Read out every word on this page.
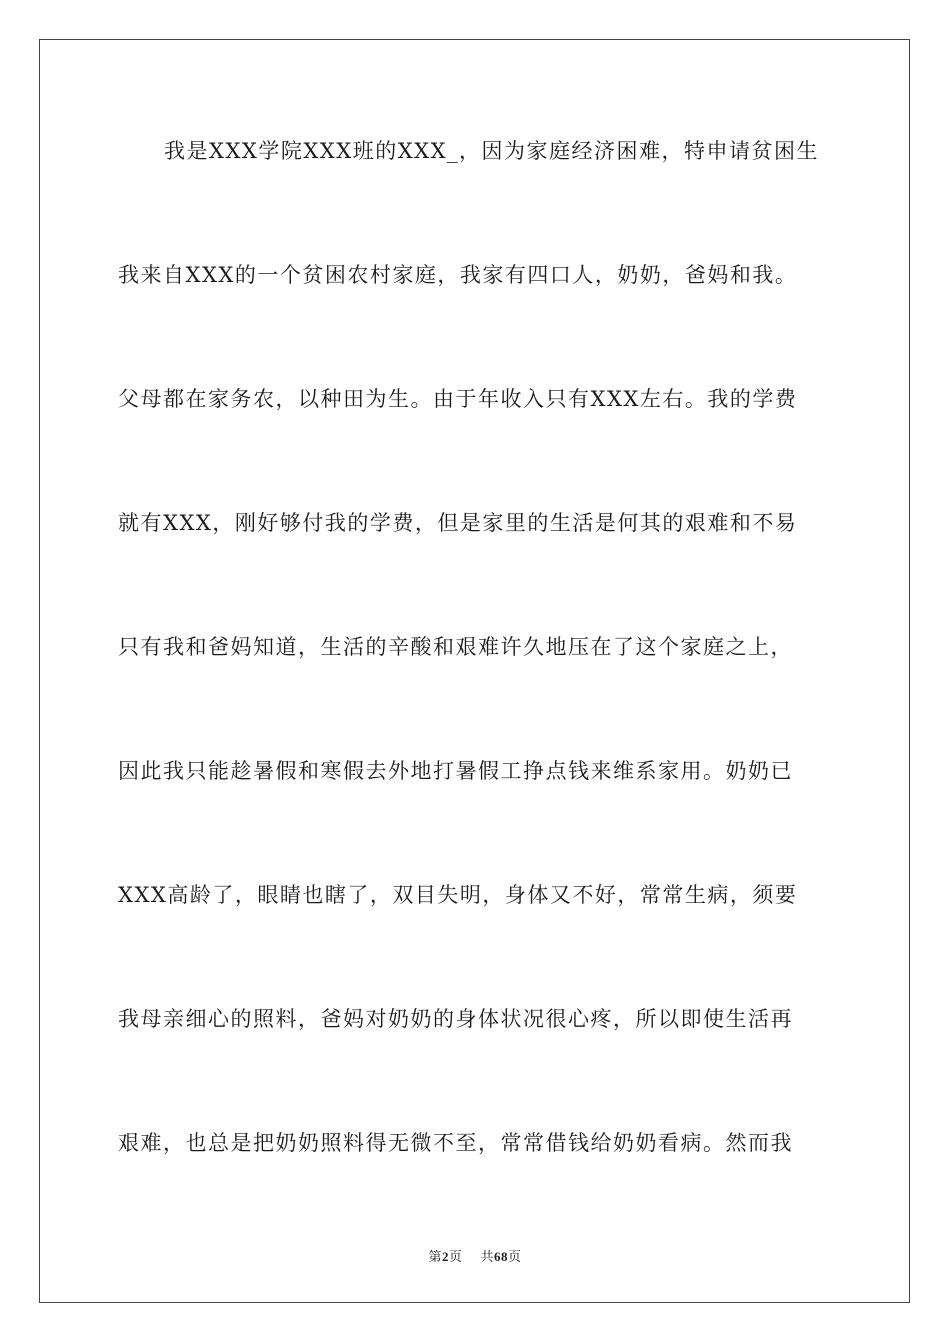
我是XXX学院XXX班的XXX_，因为家庭经济困难，特申请贫困生
我来自XXX的一个贫困农村家庭，我家有四口人，奶奶，爸妈和我。
父母都在家务农，以种田为生。由于年收入只有XXX左右。我的学费
就有XXX，刚好够付我的学费，但是家里的生活是何其的艰难和不易
只有我和爸妈知道，生活的辛酸和艰难许久地压在了这个家庭之上，
因此我只能趁暑假和寒假去外地打暑假工挣点钱来维系家用。奶奶已
XXX高龄了，眼睛也瞎了，双目失明，身体又不好，常常生病，须要
我母亲细心的照料，爸妈对奶奶的身体状况很心疼，所以即使生活再
艰难，也总是把奶奶照料得无微不至，常常借钱给奶奶看病。然而我
第2页 共68页
